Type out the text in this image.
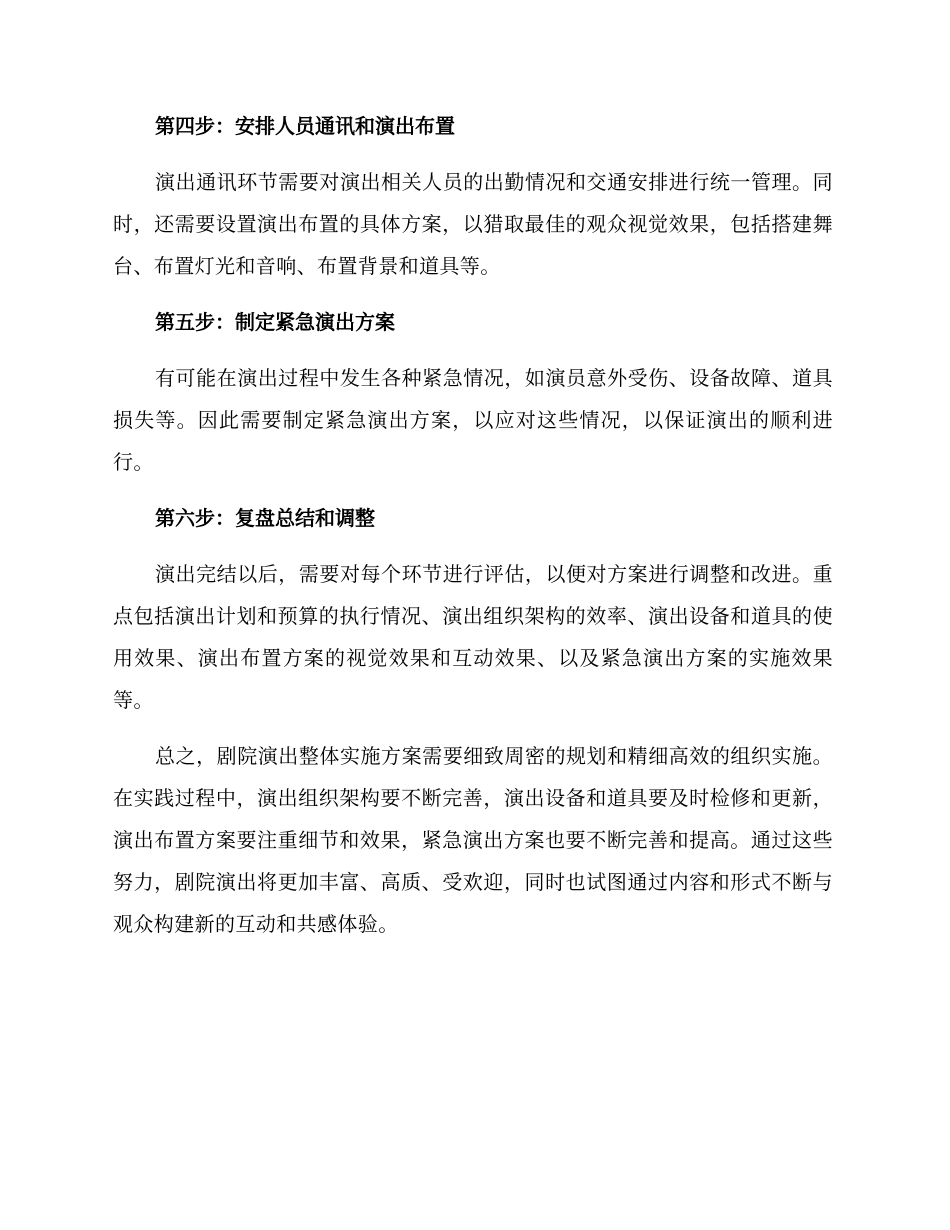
第四步：安排人员通讯和演出布置

演出通讯环节需要对演出相关人员的出勤情况和交通安排进行统一管理。同时，还需要设置演出布置的具体方案，以猎取最佳的观众视觉效果，包括搭建舞台、布置灯光和音响、布置背景和道具等。

第五步：制定紧急演出方案

有可能在演出过程中发生各种紧急情况，如演员意外受伤、设备故障、道具损失等。因此需要制定紧急演出方案，以应对这些情况，以保证演出的顺利进行。

第六步：复盘总结和调整

演出完结以后，需要对每个环节进行评估，以便对方案进行调整和改进。重点包括演出计划和预算的执行情况、演出组织架构的效率、演出设备和道具的使用效果、演出布置方案的视觉效果和互动效果、以及紧急演出方案的实施效果等。

总之，剧院演出整体实施方案需要细致周密的规划和精细高效的组织实施。在实践过程中，演出组织架构要不断完善，演出设备和道具要及时检修和更新，演出布置方案要注重细节和效果，紧急演出方案也要不断完善和提高。通过这些努力，剧院演出将更加丰富、高质、受欢迎，同时也试图通过内容和形式不断与观众构建新的互动和共感体验。
